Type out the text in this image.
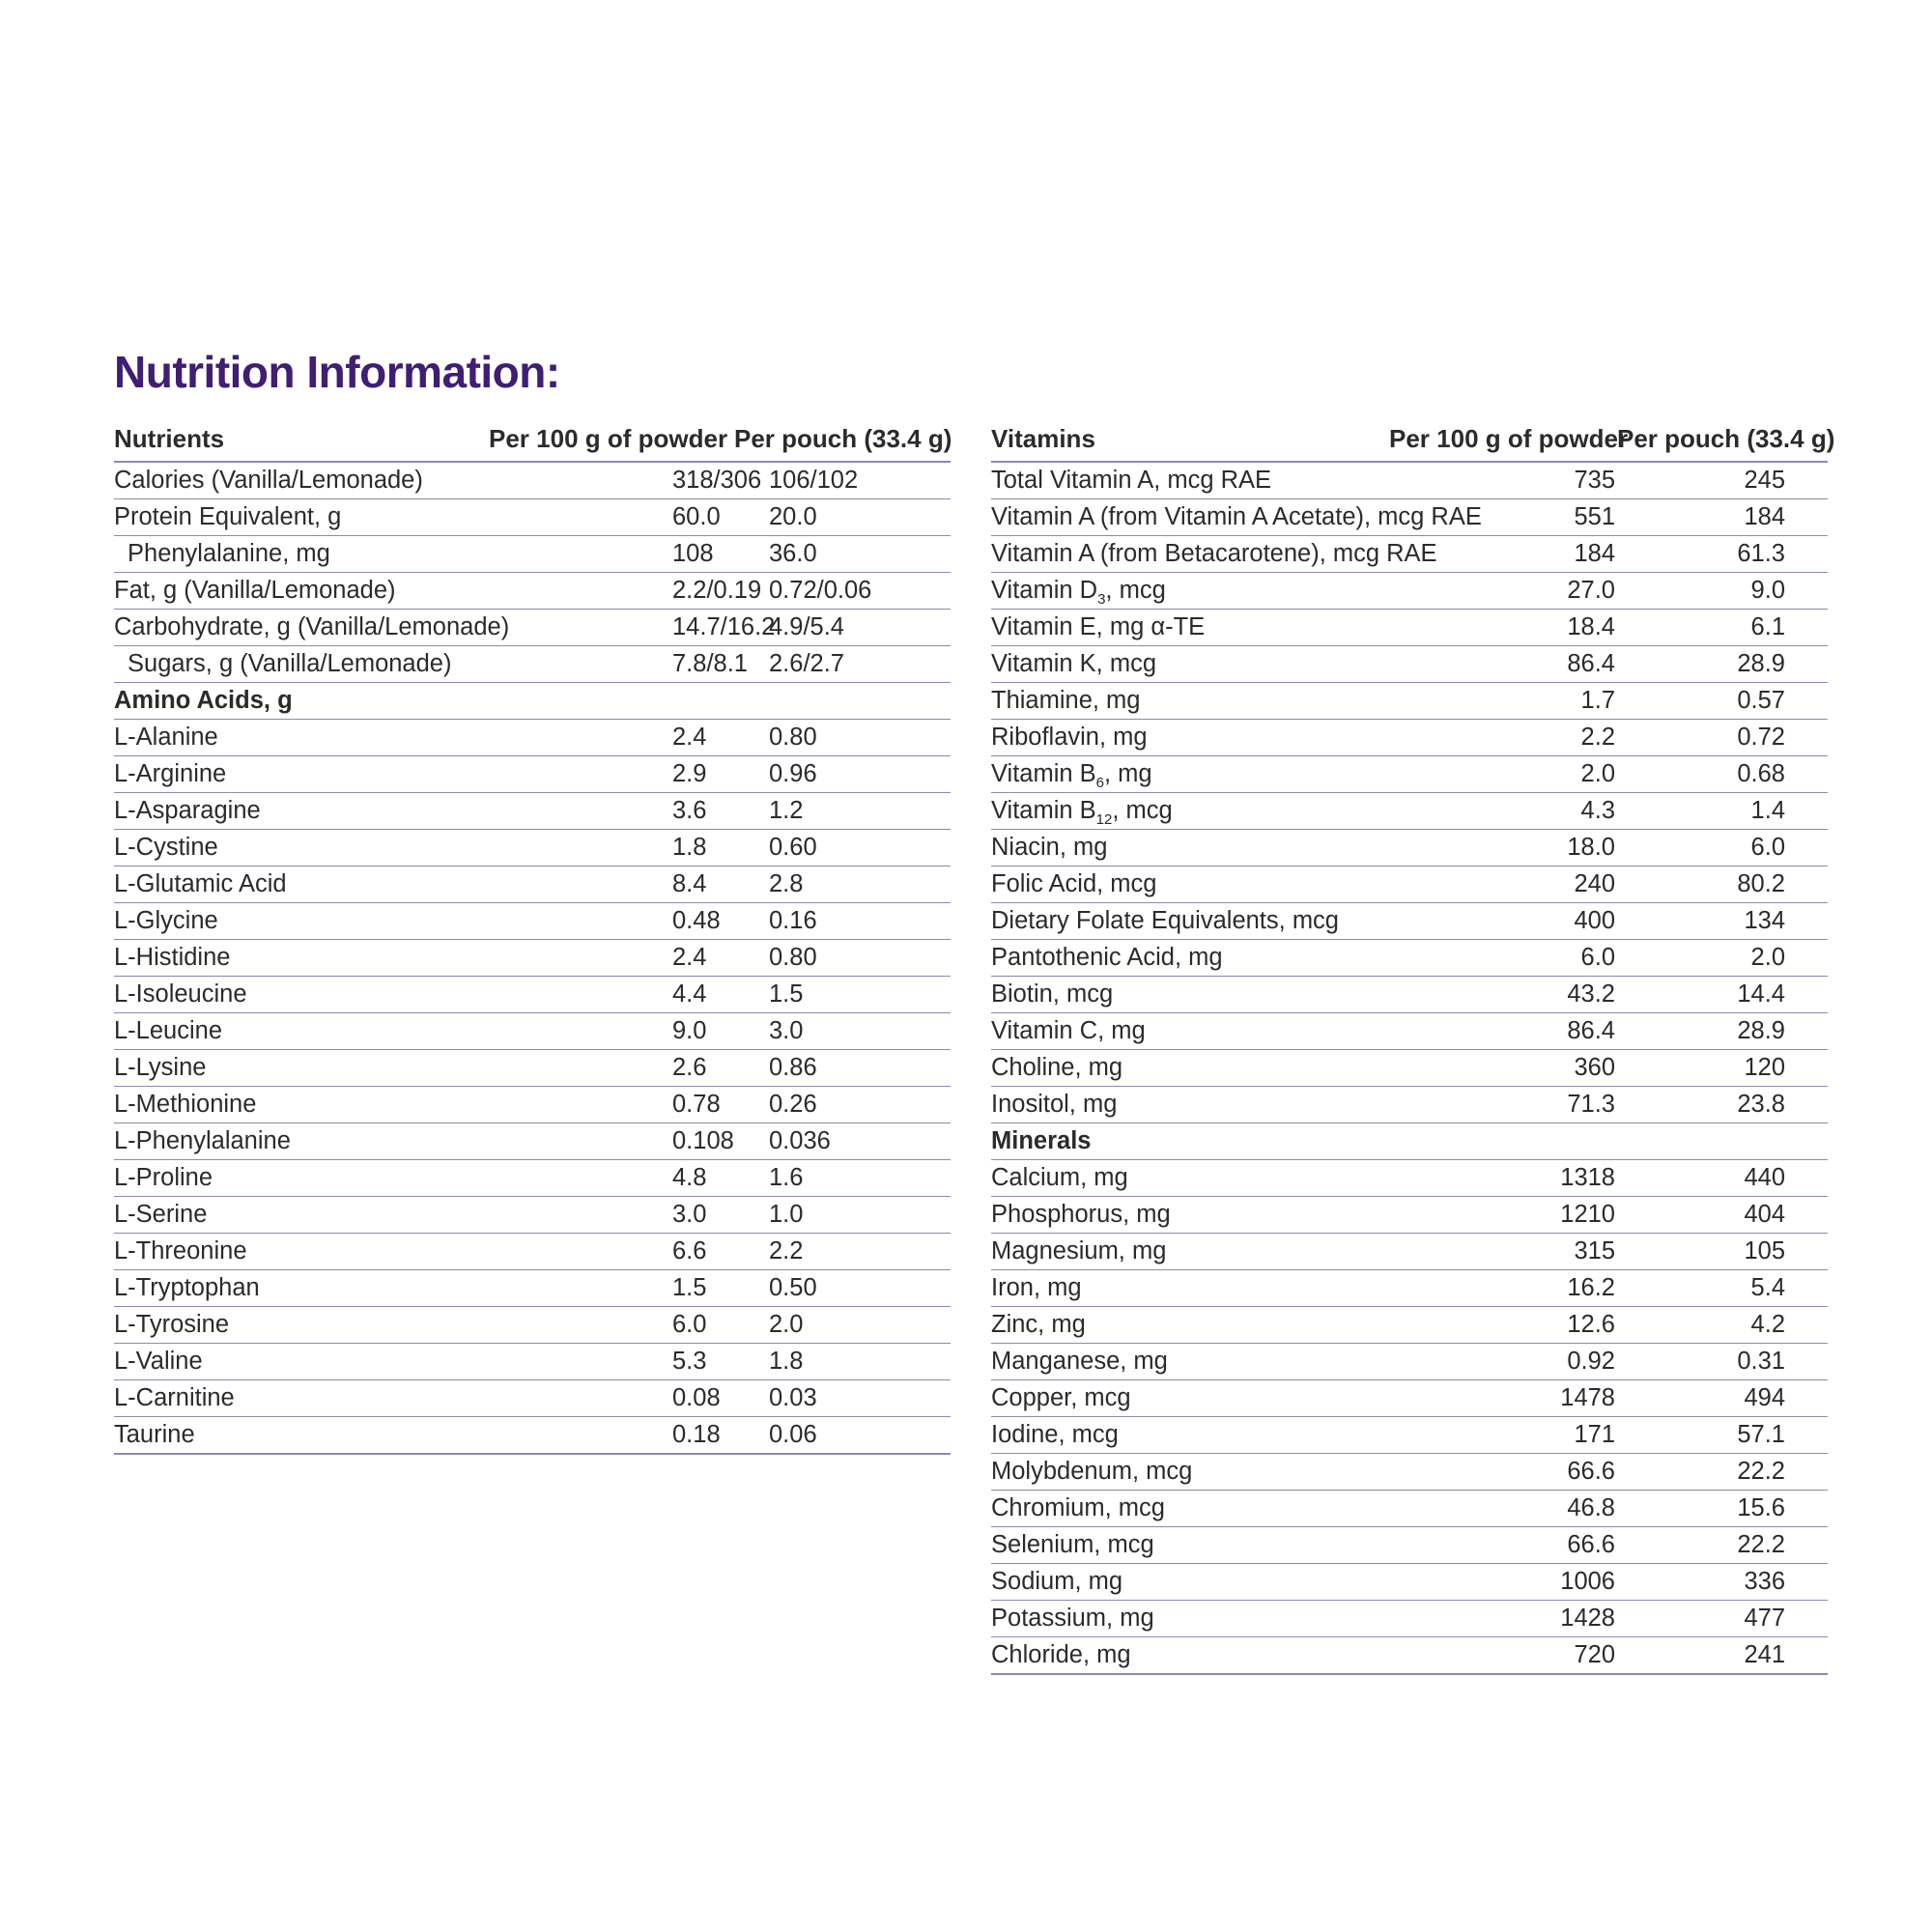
Nutrition Information:
Nutrients	Per 100 g of powder	Per pouch (33.4 g)
Calories (Vanilla/Lemonade)	318/306	106/102
Protein Equivalent, g	60.0	20.0
Phenylalanine, mg	108	36.0
Fat, g (Vanilla/Lemonade)	2.2/0.19	0.72/0.06
Carbohydrate, g (Vanilla/Lemonade)	14.7/16.2	4.9/5.4
Sugars, g (Vanilla/Lemonade)	7.8/8.1	2.6/2.7
Amino Acids, g		
L-Alanine	2.4	0.80
L-Arginine	2.9	0.96
L-Asparagine	3.6	1.2
L-Cystine	1.8	0.60
L-Glutamic Acid	8.4	2.8
L-Glycine	0.48	0.16
L-Histidine	2.4	0.80
L-Isoleucine	4.4	1.5
L-Leucine	9.0	3.0
L-Lysine	2.6	0.86
L-Methionine	0.78	0.26
L-Phenylalanine	0.108	0.036
L-Proline	4.8	1.6
L-Serine	3.0	1.0
L-Threonine	6.6	2.2
L-Tryptophan	1.5	0.50
L-Tyrosine	6.0	2.0
L-Valine	5.3	1.8
L-Carnitine	0.08	0.03
Taurine	0.18	0.06
Vitamins	Per 100 g of powder	Per pouch (33.4 g)
Total Vitamin A, mcg RAE	735	245
Vitamin A (from Vitamin A Acetate), mcg RAE	551	184
Vitamin A (from Betacarotene), mcg RAE	184	61.3
Vitamin $D_3$, mcg	27.0	9.0
Vitamin E, mg α-TE	18.4	6.1
Vitamin K, mcg	86.4	28.9
Thiamine, mg	1.7	0.57
Riboflavin, mg	2.2	0.72
Vitamin $B_6$, mg	2.0	0.68
Vitamin $B_{12}$, mcg	4.3	1.4
Niacin, mg	18.0	6.0
Folic Acid, mcg	240	80.2
Dietary Folate Equivalents, mcg	400	134
Pantothenic Acid, mg	6.0	2.0
Biotin, mcg	43.2	14.4
Vitamin C, mg	86.4	28.9
Choline, mg	360	120
Inositol, mg	71.3	23.8
Minerals		
Calcium, mg	1318	440
Phosphorus, mg	1210	404
Magnesium, mg	315	105
Iron, mg	16.2	5.4
Zinc, mg	12.6	4.2
Manganese, mg	0.92	0.31
Copper, mcg	1478	494
Iodine, mcg	171	57.1
Molybdenum, mcg	66.6	22.2
Chromium, mcg	46.8	15.6
Selenium, mcg	66.6	22.2
Sodium, mg	1006	336
Potassium, mg	1428	477
Chloride, mg	720	241
